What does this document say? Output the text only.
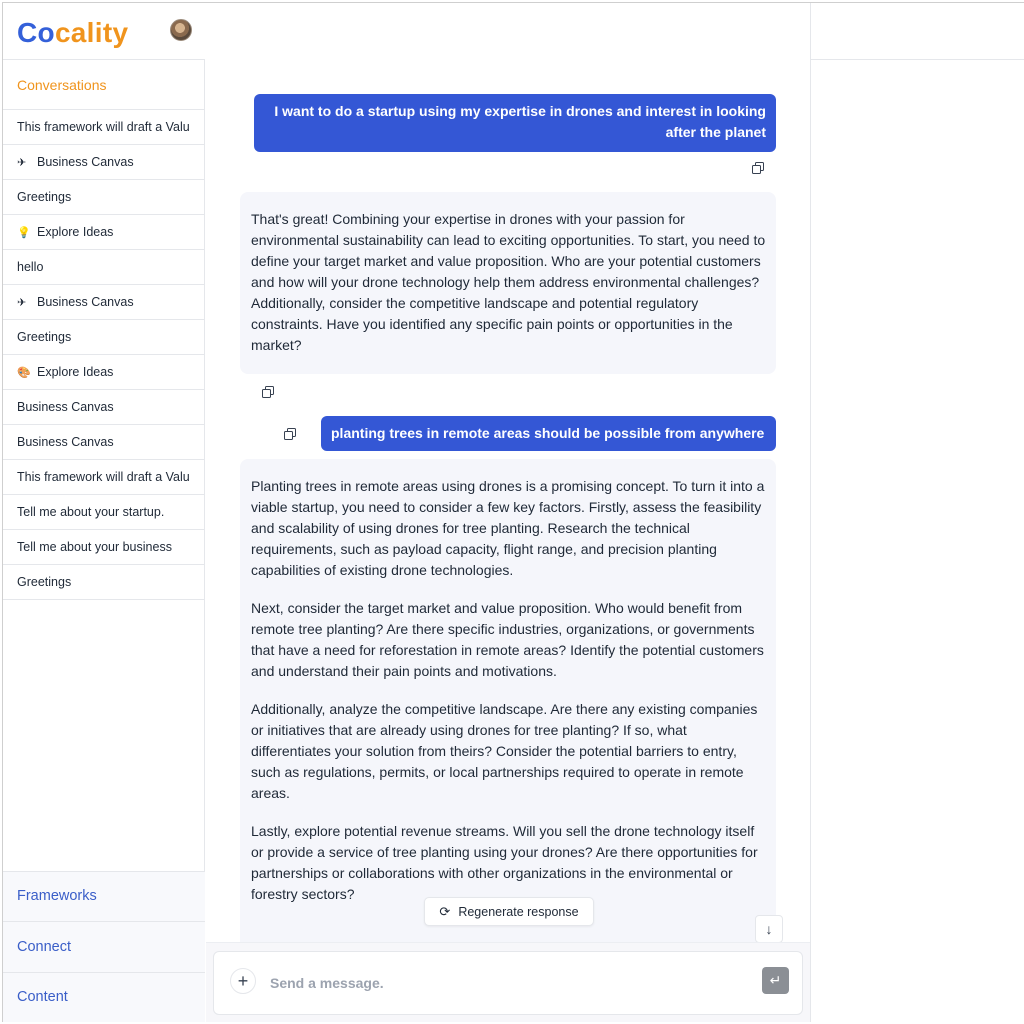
Cocality
Conversations
This framework will draft a Valu
✈ Business Canvas
Greetings
💡 Explore Ideas
hello
✈ Business Canvas
Greetings
🎨 Explore Ideas
Business Canvas
Business Canvas
This framework will draft a Valu
Tell me about your startup.
Tell me about your business
Greetings
Frameworks
Connect
Content
I want to do a startup using my expertise in drones and interest in looking after the planet

That's great! Combining your expertise in drones with your passion for environmental sustainability can lead to exciting opportunities. To start, you need to define your target market and value proposition. Who are your potential customers and how will your drone technology help them address environmental challenges? Additionally, consider the competitive landscape and potential regulatory constraints. Have you identified any specific pain points or opportunities in the market?

planting trees in remote areas should be possible from anywhere

Planting trees in remote areas using drones is a promising concept. To turn it into a viable startup, you need to consider a few key factors. Firstly, assess the feasibility and scalability of using drones for tree planting. Research the technical requirements, such as payload capacity, flight range, and precision planting capabilities of existing drone technologies.

Next, consider the target market and value proposition. Who would benefit from remote tree planting? Are there specific industries, organizations, or governments that have a need for reforestation in remote areas? Identify the potential customers and understand their pain points and motivations.

Additionally, analyze the competitive landscape. Are there any existing companies or initiatives that are already using drones for tree planting? If so, what differentiates your solution from theirs? Consider the potential barriers to entry, such as regulations, permits, or local partnerships required to operate in remote areas.

Lastly, explore potential revenue streams. Will you sell the drone technology itself or provide a service of tree planting using your drones? Are there opportunities for partnerships or collaborations with other organizations in the environmental or forestry sectors?

⟳ Regenerate response
↓
+
Send a message.	↵
